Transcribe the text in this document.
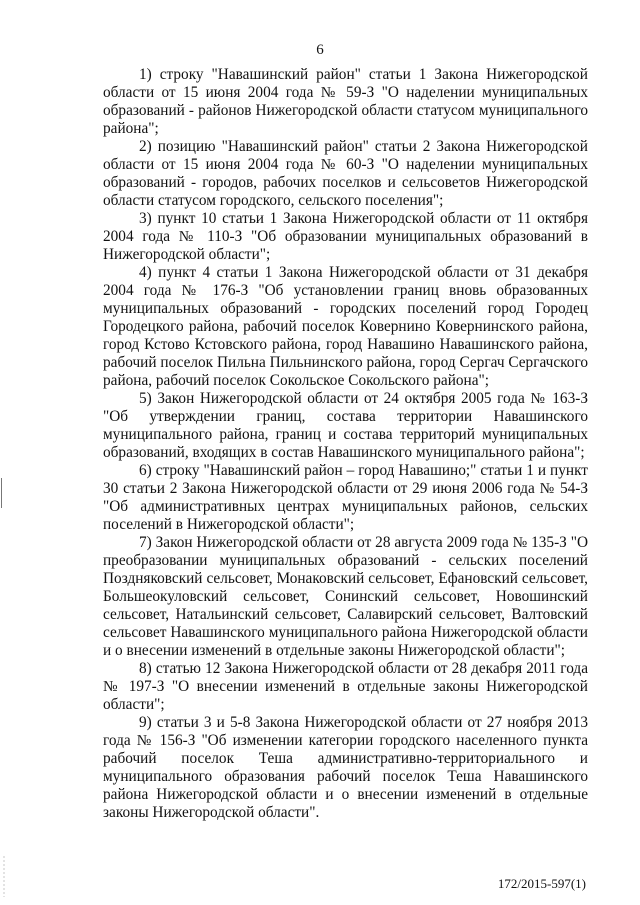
6

1) строку "Навашинский район" статьи 1 Закона Нижегородской области от 15 июня 2004 года № 59-З "О наделении муниципальных образований - районов Нижегородской области статусом муниципального района";

2) позицию "Навашинский район" статьи 2 Закона Нижегородской области от 15 июня 2004 года № 60-З "О наделении муниципальных образований - городов, рабочих поселков и сельсоветов Нижегородской области статусом городского, сельского поселения";

3) пункт 10 статьи 1 Закона Нижегородской области от 11 октября 2004 года № 110-З "Об образовании муниципальных образований в Нижегородской области";

4) пункт 4 статьи 1 Закона Нижегородской области от 31 декабря 2004 года № 176-З "Об установлении границ вновь образованных муниципальных образований - городских поселений город Городец Городецкого района, рабочий поселок Ковернино Ковернинского района, город Кстово Кстовского района, город Навашино Навашинского района, рабочий поселок Пильна Пильнинского района, город Сергач Сергачского района, рабочий поселок Сокольское Сокольского района";

5) Закон Нижегородской области от 24 октября 2005 года № 163-З "Об утверждении границ, состава территории Навашинского муниципального района, границ и состава территорий муниципальных образований, входящих в состав Навашинского муниципального района";

6) строку "Навашинский район – город Навашино;" статьи 1 и пункт 30 статьи 2 Закона Нижегородской области от 29 июня 2006 года № 54-З "Об административных центрах муниципальных районов, сельских поселений в Нижегородской области";

7) Закон Нижегородской области от 28 августа 2009 года № 135-З "О преобразовании муниципальных образований - сельских поселений Поздняковский сельсовет, Монаковский сельсовет, Ефановский сельсовет, Большеокуловский сельсовет, Сонинский сельсовет, Новошинский сельсовет, Натальинский сельсовет, Салавирский сельсовет, Валтовский сельсовет Навашинского муниципального района Нижегородской области и о внесении изменений в отдельные законы Нижегородской области";

8) статью 12 Закона Нижегородской области от 28 декабря 2011 года № 197-З "О внесении изменений в отдельные законы Нижегородской области";

9) статьи 3 и 5-8 Закона Нижегородской области от 27 ноября 2013 года № 156-З "Об изменении категории городского населенного пункта рабочий поселок Теша административно-территориального и муниципального образования рабочий поселок Теша Навашинского района Нижегородской области и о внесении изменений в отдельные законы Нижегородской области".

172/2015-597(1)
